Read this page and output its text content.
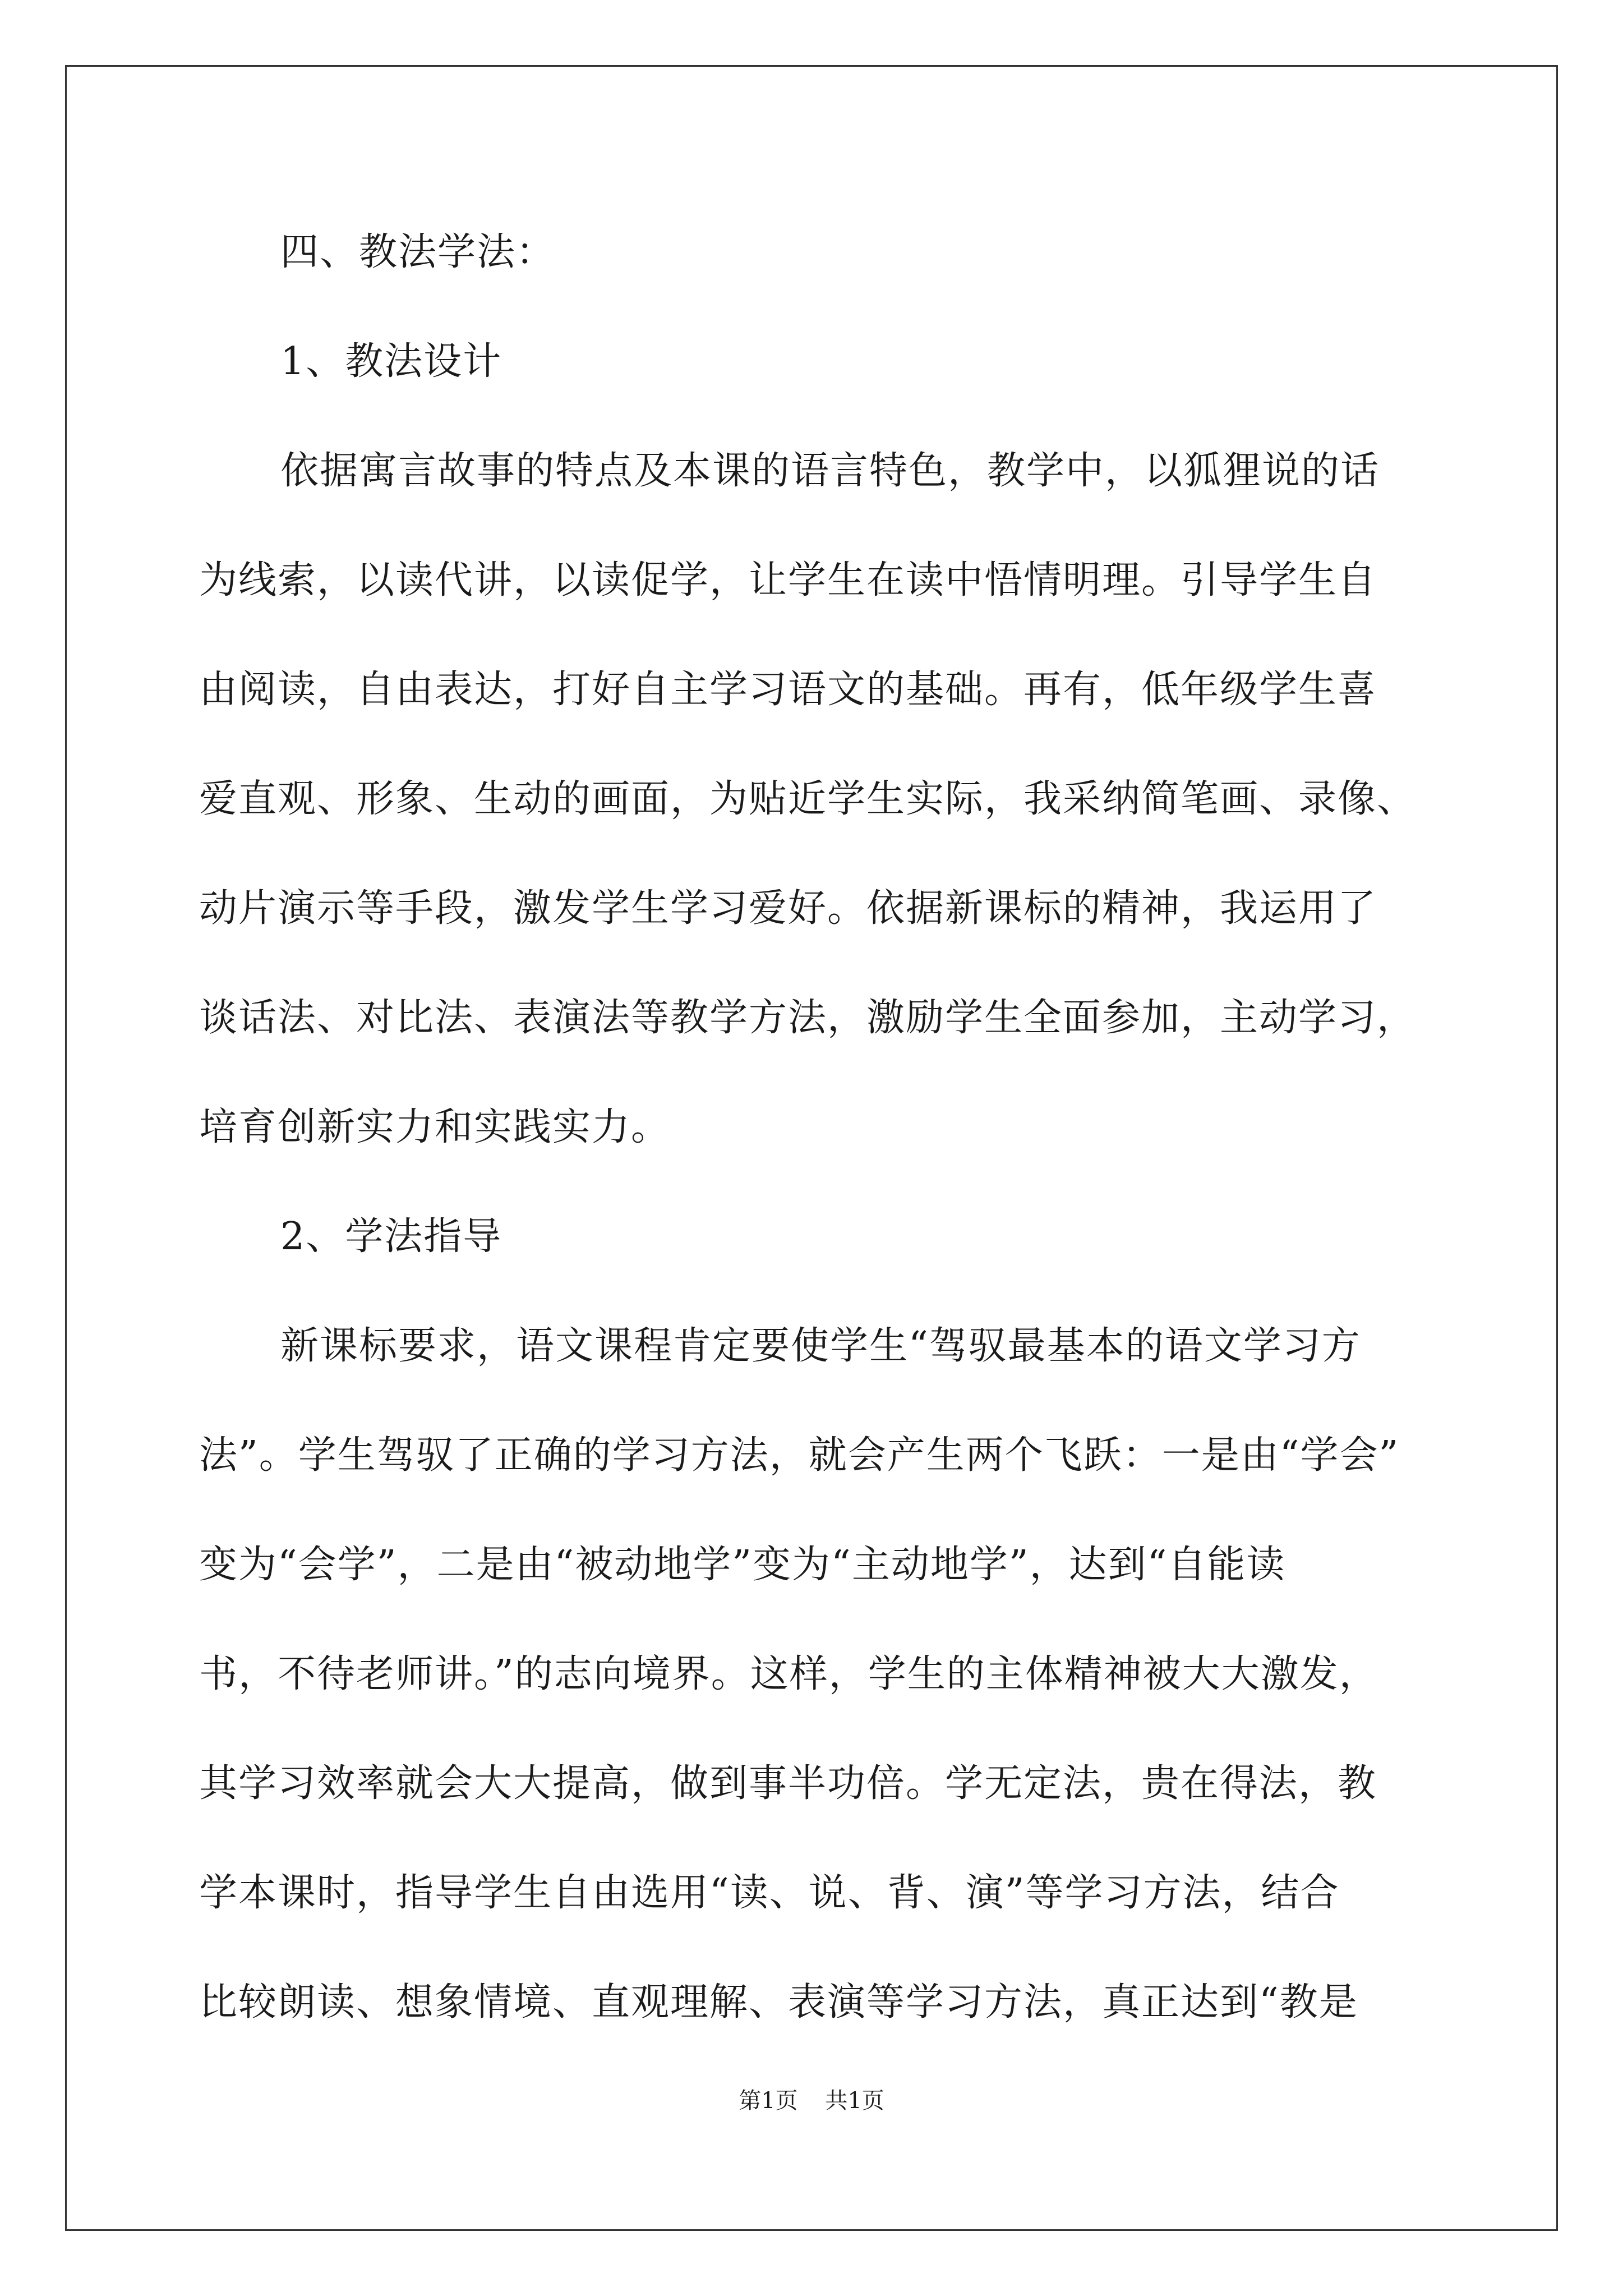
四、教法学法：
1、教法设计
依据寓言故事的特点及本课的语言特色，教学中，以狐狸说的话
为线索，以读代讲，以读促学，让学生在读中悟情明理。引导学生自
由阅读，自由表达，打好自主学习语文的基础。再有，低年级学生喜
爱直观、形象、生动的画面，为贴近学生实际，我采纳简笔画、录像、
动片演示等手段，激发学生学习爱好。依据新课标的精神，我运用了
谈话法、对比法、表演法等教学方法，激励学生全面参加，主动学习，
培育创新实力和实践实力。
2、学法指导
新课标要求，语文课程肯定要使学生“驾驭最基本的语文学习方
法”。学生驾驭了正确的学习方法，就会产生两个飞跃：一是由“学会”
变为“会学”，二是由“被动地学”变为“主动地学”，达到“自能读
书，不待老师讲。”的志向境界。这样，学生的主体精神被大大激发，
其学习效率就会大大提高，做到事半功倍。学无定法，贵在得法，教
学本课时，指导学生自由选用“读、说、背、演”等学习方法，结合
比较朗读、想象情境、直观理解、表演等学习方法，真正达到“教是
第1页 共1页
